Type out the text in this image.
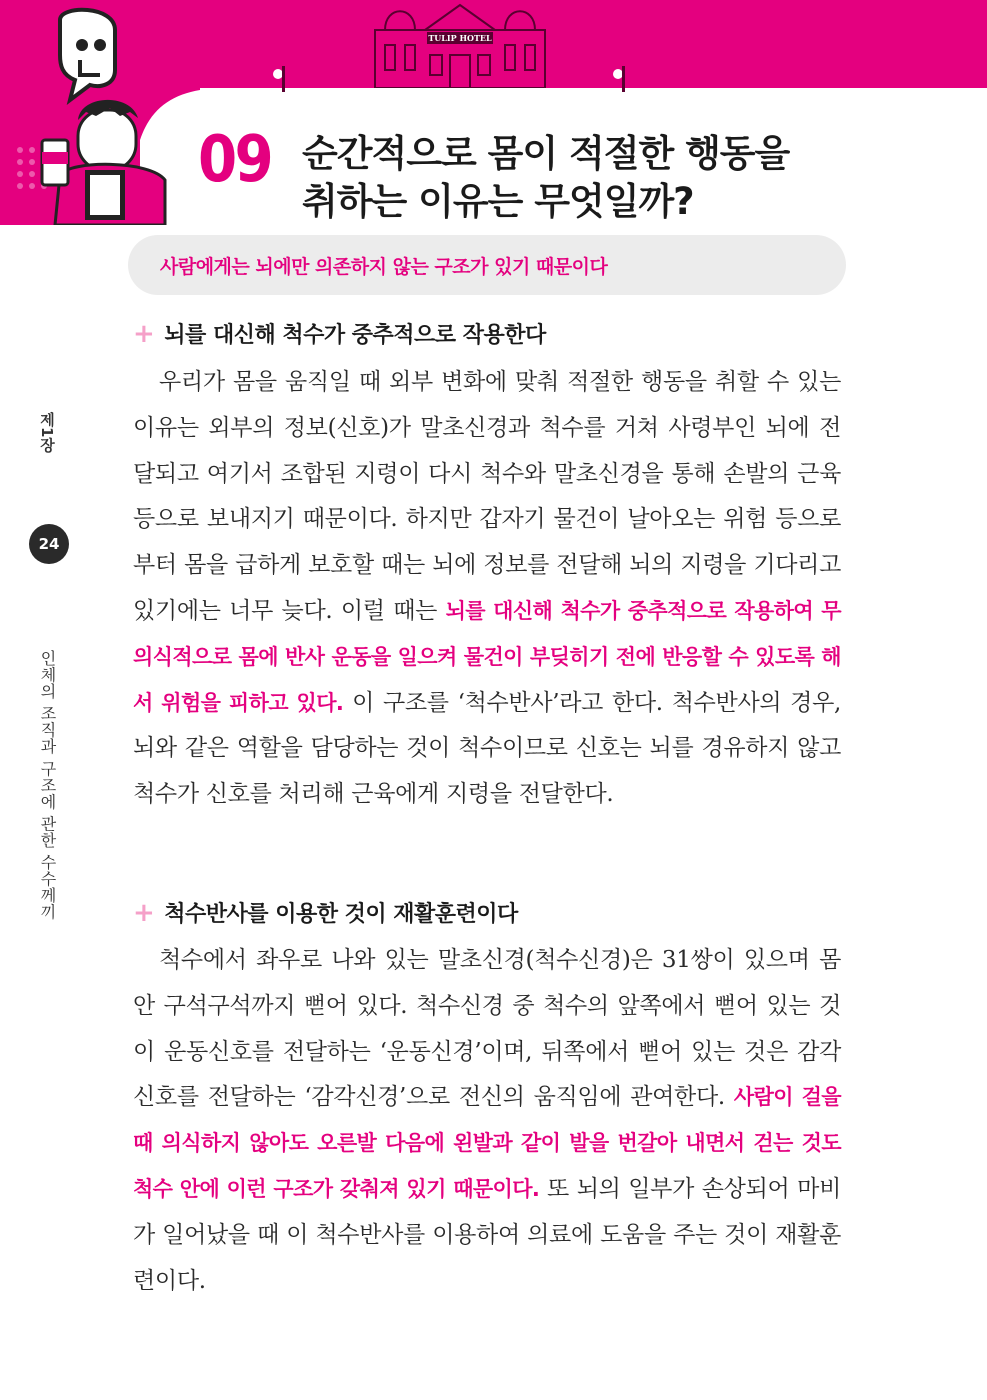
TULIP HOTEL
09 순간적으로 몸이 적절한 행동을
취하는 이유는 무엇일까?
사람에게는 뇌에만 의존하지 않는 구조가 있기 때문이다
제1장
24
인체의 조직과 구조에 관한 수수께끼
+ 뇌를 대신해 척수가 중추적으로 작용한다
우리가 몸을 움직일 때 외부 변화에 맞춰 적절한 행동을 취할 수 있는 이유는 외부의 정보(신호)가 말초신경과 척수를 거쳐 사령부인 뇌에 전달되고 여기서 조합된 지령이 다시 척수와 말초신경을 통해 손발의 근육 등으로 보내지기 때문이다. 하지만 갑자기 물건이 날아오는 위험 등으로부터 몸을 급하게 보호할 때는 뇌에 정보를 전달해 뇌의 지령을 기다리고 있기에는 너무 늦다. 이럴 때는 뇌를 대신해 척수가 중추적으로 작용하여 무의식적으로 몸에 반사 운동을 일으켜 물건이 부딪히기 전에 반응할 수 있도록 해서 위험을 피하고 있다. 이 구조를 ‘척수반사’라고 한다. 척수반사의 경우, 뇌와 같은 역할을 담당하는 것이 척수이므로 신호는 뇌를 경유하지 않고 척수가 신호를 처리해 근육에게 지령을 전달한다.
+ 척수반사를 이용한 것이 재활훈련이다
척수에서 좌우로 나와 있는 말초신경(척수신경)은 31쌍이 있으며 몸 안 구석구석까지 뻗어 있다. 척수신경 중 척수의 앞쪽에서 뻗어 있는 것이 운동신호를 전달하는 ‘운동신경’이며, 뒤쪽에서 뻗어 있는 것은 감각 신호를 전달하는 ‘감각신경’으로 전신의 움직임에 관여한다. 사람이 걸을 때 의식하지 않아도 오른발 다음에 왼발과 같이 발을 번갈아 내면서 걷는 것도 척수 안에 이런 구조가 갖춰져 있기 때문이다. 또 뇌의 일부가 손상되어 마비가 일어났을 때 이 척수반사를 이용하여 의료에 도움을 주는 것이 재활훈련이다.
